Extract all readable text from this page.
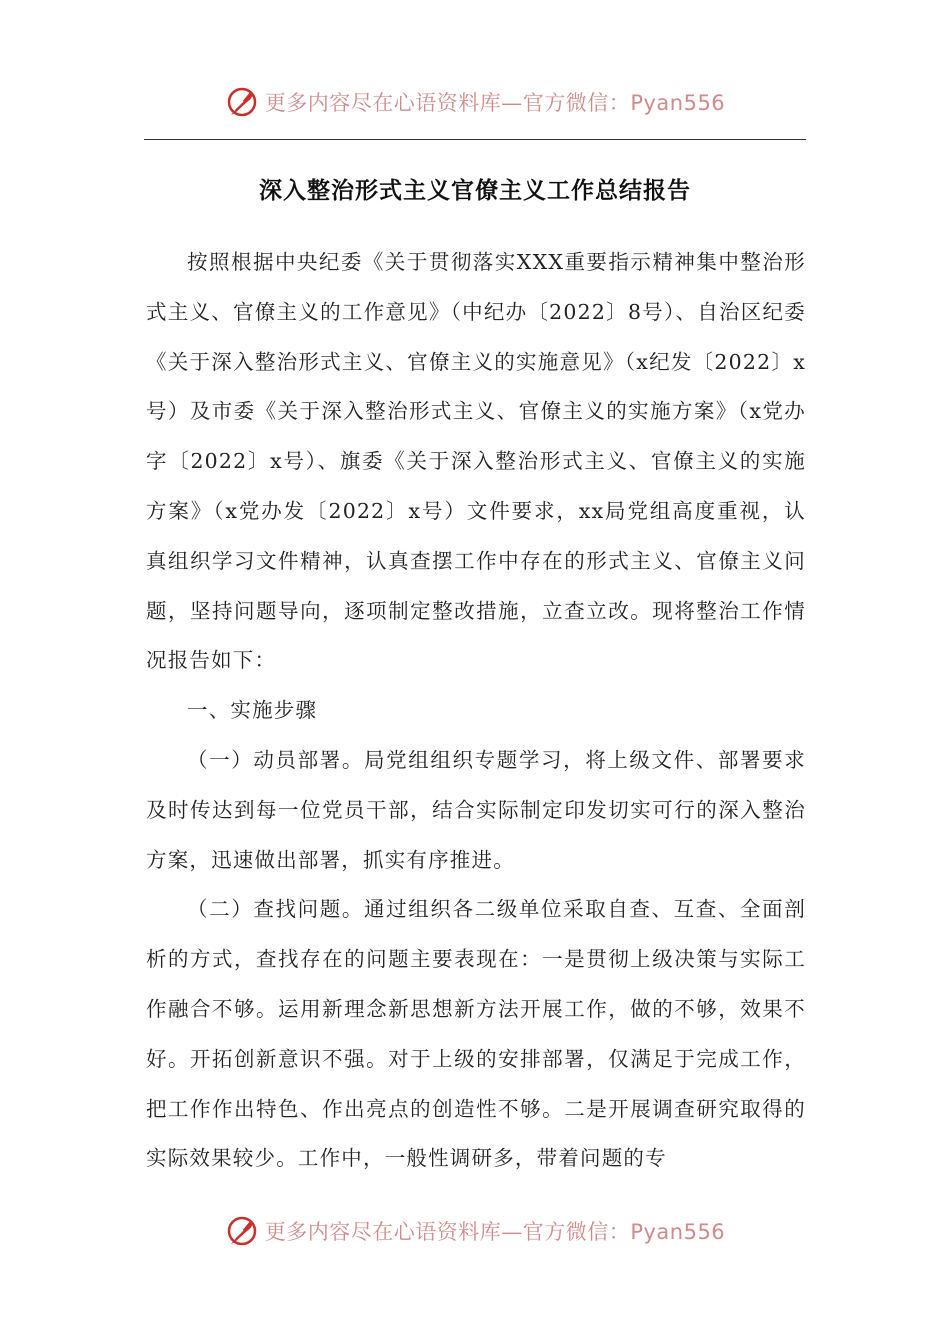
更多内容尽在心语资料库—官方微信：Pyan556
深入整治形式主义官僚主义工作总结报告

按照根据中央纪委《关于贯彻落实XXX重要指示精神集中整治形式主义、官僚主义的工作意见》（中纪办〔2022〕8号）、自治区纪委《关于深入整治形式主义、官僚主义的实施意见》（x纪发〔2022〕x号）及市委《关于深入整治形式主义、官僚主义的实施方案》（x党办字〔2022〕x号）、旗委《关于深入整治形式主义、官僚主义的实施方案》（x党办发〔2022〕x号）文件要求，xx局党组高度重视，认真组织学习文件精神，认真查摆工作中存在的形式主义、官僚主义问题，坚持问题导向，逐项制定整改措施，立查立改。现将整治工作情况报告如下：

一、实施步骤

（一）动员部署。局党组组织专题学习，将上级文件、部署要求及时传达到每一位党员干部，结合实际制定印发切实可行的深入整治方案，迅速做出部署，抓实有序推进。

（二）查找问题。通过组织各二级单位采取自查、互查、全面剖析的方式，查找存在的问题主要表现在：一是贯彻上级决策与实际工作融合不够。运用新理念新思想新方法开展工作，做的不够，效果不好。开拓创新意识不强。对于上级的安排部署，仅满足于完成工作，把工作作出特色、作出亮点的创造性不够。二是开展调查研究取得的实际效果较少。工作中，一般性调研多，带着问题的专

更多内容尽在心语资料库—官方微信：Pyan556
